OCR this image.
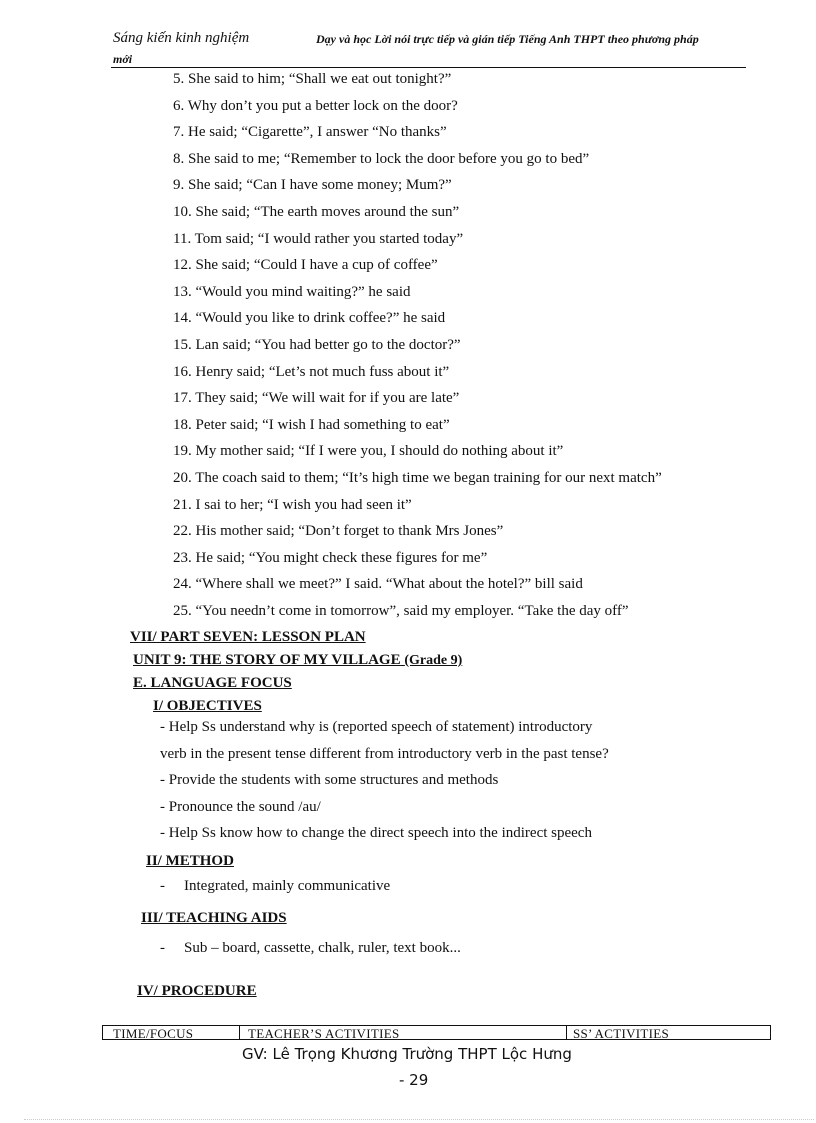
Sáng kiến kinh nghiệm
mới
Dạy và học Lời nói trực tiếp và gián tiếp Tiếng Anh THPT theo phương pháp
5. She said to him; “Shall we eat out tonight?”
6. Why don’t you put a better lock on the door?
7. He said; “Cigarette”, I answer “No thanks”
8. She said to me; “Remember to lock the door before you go to bed”
9. She said; “Can I have some money; Mum?”
10. She said; “The earth moves around the sun”
11. Tom said; “I would rather you started today”
12. She said; “Could I have a cup of coffee”
13. “Would you mind waiting?” he said
14. “Would you like to drink coffee?” he said
15. Lan said; “You had better go to the doctor?”
16. Henry said; “Let’s not much fuss about it”
17. They said; “We will wait for if you are late”
18. Peter said; “I wish I had something to eat”
19. My mother said; “If I were you, I should do nothing about it”
20. The coach said to them; “It’s high time we began training for our next match”
21. I sai to her; “I wish you had seen it”
22. His mother said; “Don’t forget to thank Mrs Jones”
23. He said; “You might check these figures for me”
24. “Where shall we meet?” I said. “What about the hotel?” bill said
25. “You needn’t come in tomorrow”, said my employer. “Take the day off”
VII/ PART SEVEN: LESSON PLAN
UNIT 9: THE STORY OF MY VILLAGE (Grade 9)
E. LANGUAGE FOCUS
I/ OBJECTIVES
- Help Ss understand why is (reported speech of statement) introductory
verb in the present tense different from introductory verb in the past tense?
- Provide the students with some structures and methods
- Pronounce the sound /au/
- Help Ss know how to change the direct speech into the indirect speech
II/ METHOD
- Integrated, mainly communicative
III/ TEACHING AIDS
- Sub – board, cassette, chalk, ruler, text book...
IV/ PROCEDURE
TIME/FOCUS	TEACHER’S ACTIVITIES	SS’ ACTIVITIES
GV: Lê Trọng Khương Trường THPT Lộc Hưng
- 29
